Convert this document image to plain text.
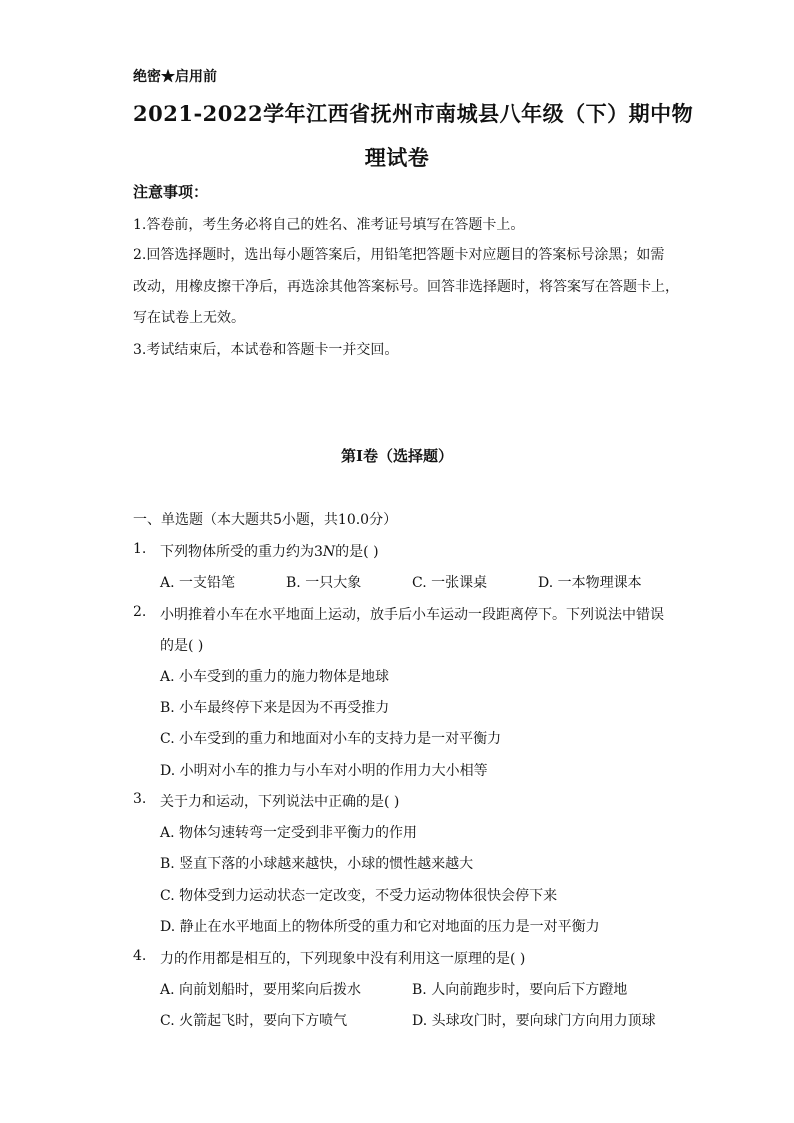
绝密★启用前
2021-2022学年江西省抚州市南城县八年级（下）期中物
理试卷
注意事项：
1.答卷前，考生务必将自己的姓名、准考证号填写在答题卡上。
2.回答选择题时，选出每小题答案后，用铅笔把答题卡对应题目的答案标号涂黑；如需
改动，用橡皮擦干净后，再选涂其他答案标号。回答非选择题时，将答案写在答题卡上，
写在试卷上无效。
3.考试结束后，本试卷和答题卡一并交回。
第I卷（选择题）
一、单选题（本大题共5小题，共10.0分）
1. 下列物体所受的重力约为3N的是( )
A. 一支铅笔	B. 一只大象	C. 一张课桌	D. 一本物理课本
2. 小明推着小车在水平地面上运动，放手后小车运动一段距离停下。下列说法中错误
的是( )
A. 小车受到的重力的施力物体是地球
B. 小车最终停下来是因为不再受推力
C. 小车受到的重力和地面对小车的支持力是一对平衡力
D. 小明对小车的推力与小车对小明的作用力大小相等
3. 关于力和运动，下列说法中正确的是( )
A. 物体匀速转弯一定受到非平衡力的作用
B. 竖直下落的小球越来越快，小球的惯性越来越大
C. 物体受到力运动状态一定改变，不受力运动物体很快会停下来
D. 静止在水平地面上的物体所受的重力和它对地面的压力是一对平衡力
4. 力的作用都是相互的，下列现象中没有利用这一原理的是( )
A. 向前划船时，要用桨向后拨水	B. 人向前跑步时，要向后下方蹬地
C. 火箭起飞时，要向下方喷气	D. 头球攻门时，要向球门方向用力顶球
